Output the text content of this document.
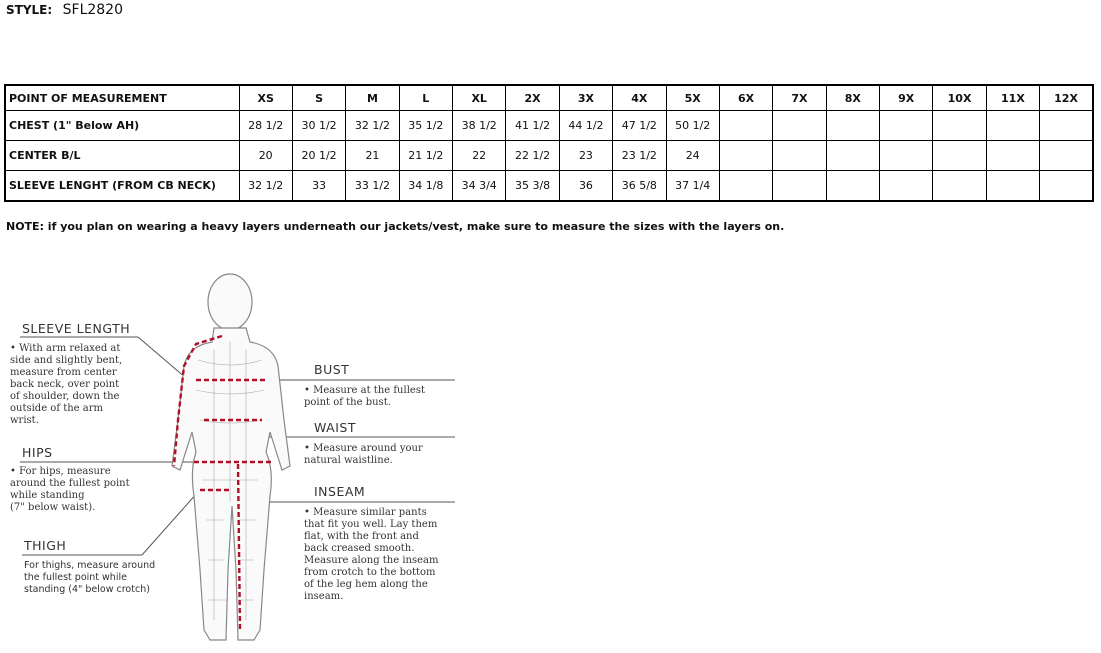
STYLE: SFL2820
POINT OF MEASUREMENT	XS	S	M	L	XL	2X	3X	4X	5X	6X	7X	8X	9X	10X	11X	12X
CHEST (1" Below AH)	28 1/2	30 1/2	32 1/2	35 1/2	38 1/2	41 1/2	44 1/2	47 1/2	50 1/2							
CENTER B/L	20	20 1/2	21	21 1/2	22	22 1/2	23	23 1/2	24							
SLEEVE LENGHT (FROM CB NECK)	32 1/2	33	33 1/2	34 1/8	34 3/4	35 3/8	36	36 5/8	37 1/4							
NOTE: if you plan on wearing a heavy layers underneath our jackets/vest, make sure to measure the sizes with the layers on.
SLEEVE LENGTH
• With arm relaxed at
side and slightly bent,
measure from center
back neck, over point
of shoulder, down the
outside of the arm
wrist.
HIPS
• For hips, measure
around the fullest point
while standing
(7" below waist).
THIGH
For thighs, measure around
the fullest point while
standing (4" below crotch)
BUST
• Measure at the fullest
point of the bust.
WAIST
• Measure around your
natural waistline.
INSEAM
• Measure similar pants
that fit you well. Lay them
flat, with the front and
back creased smooth.
Measure along the inseam
from crotch to the bottom
of the leg hem along the
inseam.
